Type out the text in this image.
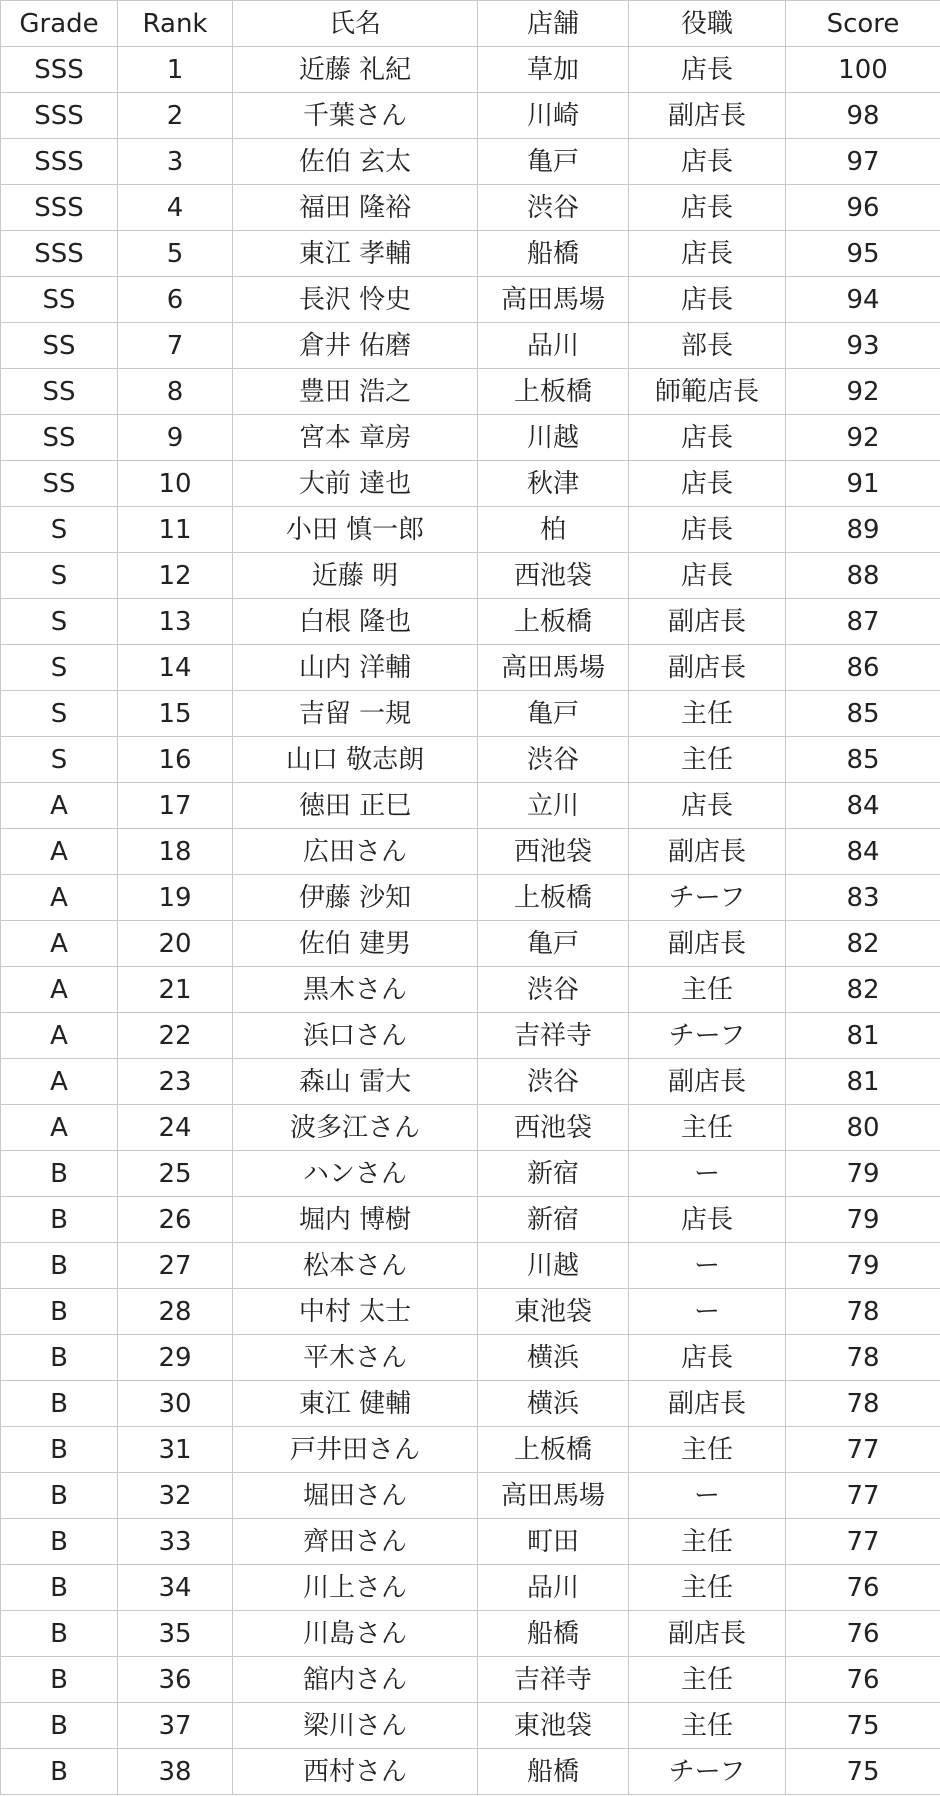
Grade	Rank	氏名	店舗	役職	Score
SSS	1	近藤 礼紀	草加	店長	100
SSS	2	千葉さん	川崎	副店長	98
SSS	3	佐伯 玄太	亀戸	店長	97
SSS	4	福田 隆裕	渋谷	店長	96
SSS	5	東江 孝輔	船橋	店長	95
SS	6	長沢 怜史	高田馬場	店長	94
SS	7	倉井 佑磨	品川	部長	93
SS	8	豊田 浩之	上板橋	師範店長	92
SS	9	宮本 章房	川越	店長	92
SS	10	大前 達也	秋津	店長	91
S	11	小田 慎一郎	柏	店長	89
S	12	近藤 明	西池袋	店長	88
S	13	白根 隆也	上板橋	副店長	87
S	14	山内 洋輔	高田馬場	副店長	86
S	15	吉留 一規	亀戸	主任	85
S	16	山口 敬志朗	渋谷	主任	85
A	17	徳田 正巳	立川	店長	84
A	18	広田さん	西池袋	副店長	84
A	19	伊藤 沙知	上板橋	チーフ	83
A	20	佐伯 建男	亀戸	副店長	82
A	21	黒木さん	渋谷	主任	82
A	22	浜口さん	吉祥寺	チーフ	81
A	23	森山 雷大	渋谷	副店長	81
A	24	波多江さん	西池袋	主任	80
B	25	ハンさん	新宿	ー	79
B	26	堀内 博樹	新宿	店長	79
B	27	松本さん	川越	ー	79
B	28	中村 太士	東池袋	ー	78
B	29	平木さん	横浜	店長	78
B	30	東江 健輔	横浜	副店長	78
B	31	戸井田さん	上板橋	主任	77
B	32	堀田さん	高田馬場	ー	77
B	33	齊田さん	町田	主任	77
B	34	川上さん	品川	主任	76
B	35	川島さん	船橋	副店長	76
B	36	舘内さん	吉祥寺	主任	76
B	37	梁川さん	東池袋	主任	75
B	38	西村さん	船橋	チーフ	75
